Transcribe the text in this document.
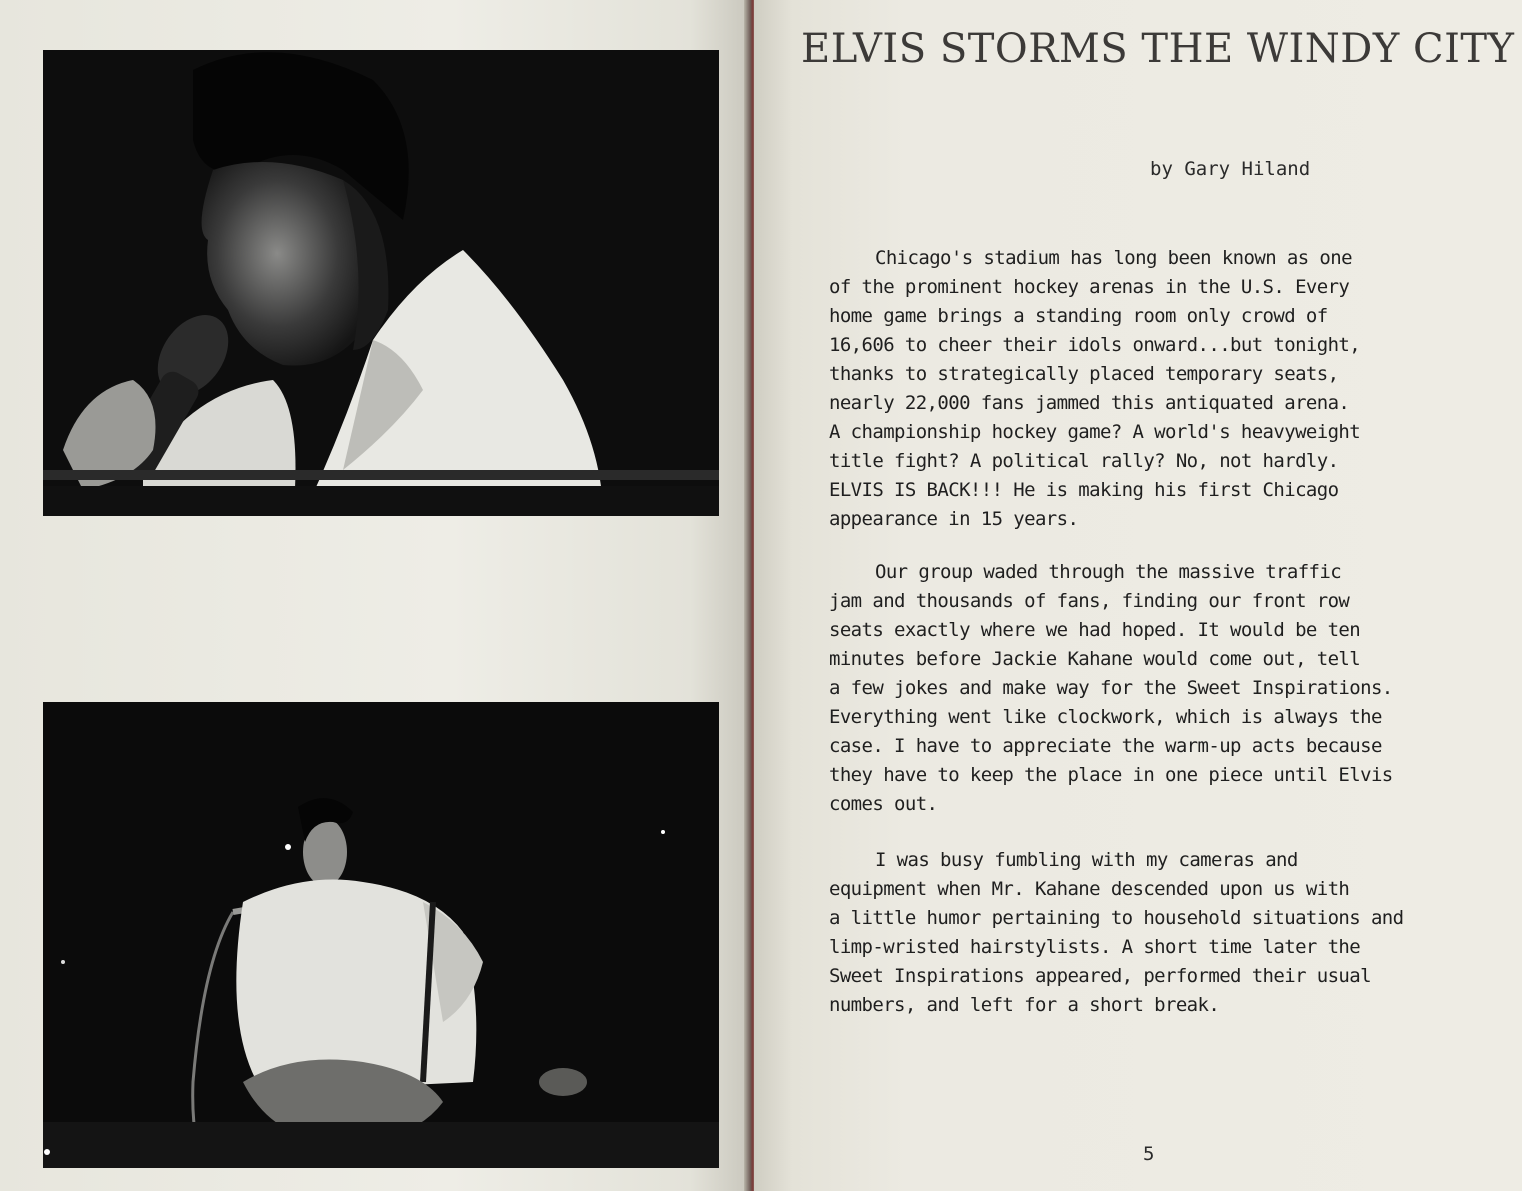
ELVIS STORMS THE WINDY CITY
by Gary Hiland

Chicago's stadium has long been known as one
of the prominent hockey arenas in the U.S. Every
home game brings a standing room only crowd of
16,606 to cheer their idols onward...but tonight,
thanks to strategically placed temporary seats,
nearly 22,000 fans jammed this antiquated arena.
A championship hockey game? A world's heavyweight
title fight? A political rally? No, not hardly.
ELVIS IS BACK!!! He is making his first Chicago
appearance in 15 years.

Our group waded through the massive traffic
jam and thousands of fans, finding our front row
seats exactly where we had hoped. It would be ten
minutes before Jackie Kahane would come out, tell
a few jokes and make way for the Sweet Inspirations.
Everything went like clockwork, which is always the
case. I have to appreciate the warm-up acts because
they have to keep the place in one piece until Elvis
comes out.

I was busy fumbling with my cameras and
equipment when Mr. Kahane descended upon us with
a little humor pertaining to household situations and
limp-wristed hairstylists. A short time later the
Sweet Inspirations appeared, performed their usual
numbers, and left for a short break.

5
